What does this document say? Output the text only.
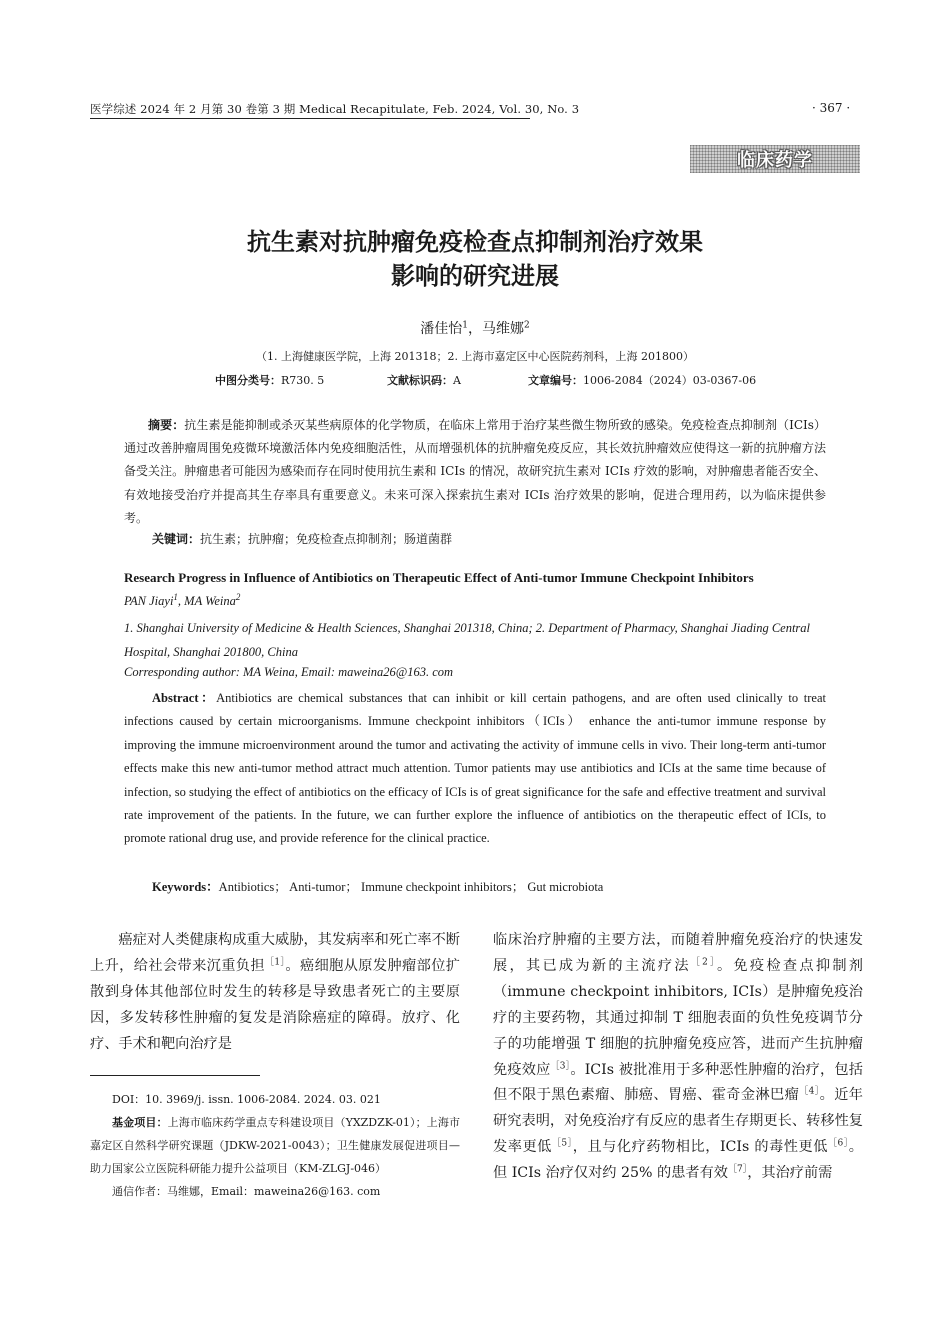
医学综述 2024 年 2 月第 30 卷第 3 期 Medical Recapitulate, Feb. 2024, Vol. 30, No. 3	· 367 ·
临床药学
抗生素对抗肿瘤免疫检查点抑制剂治疗效果
影响的研究进展
潘佳怡$^1$，马维娜$^2$
（1. 上海健康医学院，上海 201318；2. 上海市嘉定区中心医院药剂科，上海 201800）
中图分类号：R730. 5	文献标识码：A	文章编号：1006-2084（2024）03-0367-06

摘要：抗生素是能抑制或杀灭某些病原体的化学物质，在临床上常用于治疗某些微生物所致的感染。免疫检查点抑制剂（ICIs）通过改善肿瘤周围免疫微环境激活体内免疫细胞活性，从而增强机体的抗肿瘤免疫反应，其长效抗肿瘤效应使得这一新的抗肿瘤方法备受关注。肿瘤患者可能因为感染而存在同时使用抗生素和 ICIs 的情况，故研究抗生素对 ICIs 疗效的影响，对肿瘤患者能否安全、有效地接受治疗并提高其生存率具有重要意义。未来可深入探索抗生素对 ICIs 治疗效果的影响，促进合理用药，以为临床提供参考。

关键词：抗生素；抗肿瘤；免疫检查点抑制剂；肠道菌群
Research Progress in Influence of Antibiotics on Therapeutic Effect of Anti-tumor Immune Checkpoint Inhibitors
PAN Jiayi$^1$, MA Weina$^2$
1. Shanghai University of Medicine & Health Sciences, Shanghai 201318, China; 2. Department of Pharmacy, Shanghai Jiading Central Hospital, Shanghai 201800, China
Corresponding author: MA Weina, Email: maweina26@163. com

Abstract：Antibiotics are chemical substances that can inhibit or kill certain pathogens, and are often used clinically to treat infections caused by certain microorganisms. Immune checkpoint inhibitors（ICIs） enhance the anti-tumor immune response by improving the immune microenvironment around the tumor and activating the activity of immune cells in vivo. Their long-term anti-tumor effects make this new anti-tumor method attract much attention. Tumor patients may use antibiotics and ICIs at the same time because of infection, so studying the effect of antibiotics on the efficacy of ICIs is of great significance for the safe and effective treatment and survival rate improvement of the patients. In the future, we can further explore the influence of antibiotics on the therapeutic effect of ICIs, to promote rational drug use, and provide reference for the clinical practice.

Keywords：Antibiotics； Anti-tumor； Immune checkpoint inhibitors； Gut microbiota

癌症对人类健康构成重大威胁，其发病率和死亡率不断上升，给社会带来沉重负担$^{[1]}$。癌细胞从原发肿瘤部位扩散到身体其他部位时发生的转移是导致患者死亡的主要原因，多发转移性肿瘤的复发是消除癌症的障碍。放疗、化疗、手术和靶向治疗是

DOI：10. 3969/j. issn. 1006-2084. 2024. 03. 021

基金项目：上海市临床药学重点专科建设项目（YXZDZK-01）；上海市嘉定区自然科学研究课题（JDKW-2021-0043）；卫生健康发展促进项目—助力国家公立医院科研能力提升公益项目（KM-ZLGJ-046）

通信作者：马维娜，Email：maweina26@163. com

临床治疗肿瘤的主要方法，而随着肿瘤免疫治疗的快速发展，其已成为新的主流疗法$^{[2]}$。免疫检查点抑制剂（immune checkpoint inhibitors, ICIs）是肿瘤免疫治疗的主要药物，其通过抑制 T 细胞表面的负性免疫调节分子的功能增强 T 细胞的抗肿瘤免疫应答，进而产生抗肿瘤免疫效应$^{[3]}$。ICIs 被批准用于多种恶性肿瘤的治疗，包括但不限于黑色素瘤、肺癌、胃癌、霍奇金淋巴瘤$^{[4]}$。近年研究表明，对免疫治疗有反应的患者生存期更长、转移性复发率更低$^{[5]}$，且与化疗药物相比，ICIs 的毒性更低$^{[6]}$。但 ICIs 治疗仅对约 25% 的患者有效$^{[7]}$，其治疗前需
